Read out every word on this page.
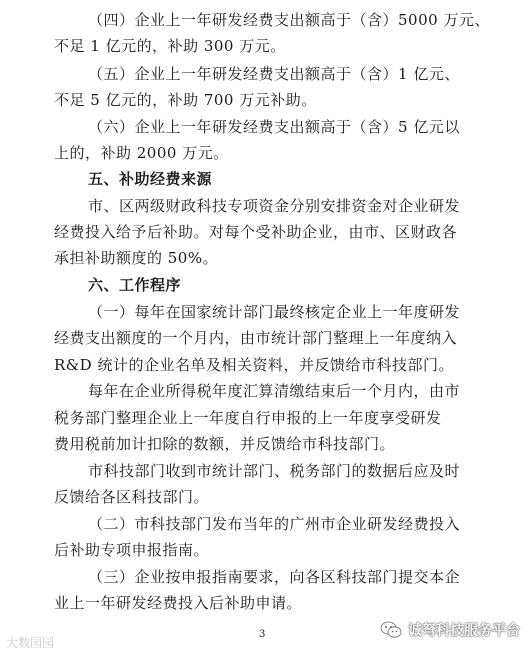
（四）企业上一年研发经费支出额高于（含）5000 万元、
不足 1 亿元的，补助 300 万元。
（五）企业上一年研发经费支出额高于（含）1 亿元、
不足 5 亿元的，补助 700 万元补助。
（六）企业上一年研发经费支出额高于（含）5 亿元以
上的，补助 2000 万元。
五、补助经费来源
市、区两级财政科技专项资金分别安排资金对企业研发
经费投入给予后补助。对每个受补助企业，由市、区财政各
承担补助额度的 50%。
六、工作程序
（一）每年在国家统计部门最终核定企业上一年度研发
经费支出额度的一个月内，由市统计部门整理上一年度纳入
R&D 统计的企业名单及相关资料，并反馈给市科技部门。
每年在企业所得税年度汇算清缴结束后一个月内，由市
税务部门整理企业上一年度自行申报的上一年度享受研发
费用税前加计扣除的数额，并反馈给市科技部门。
市科技部门收到市统计部门、税务部门的数据后应及时
反馈给各区科技部门。
（二）市科技部门发布当年的广州市企业研发经费投入
后补助专项申报指南。
（三）企业按申报指南要求，向各区科技部门提交本企
业上一年研发经费投入后补助申请。
3
大数园园
诚弩科技服务平台
